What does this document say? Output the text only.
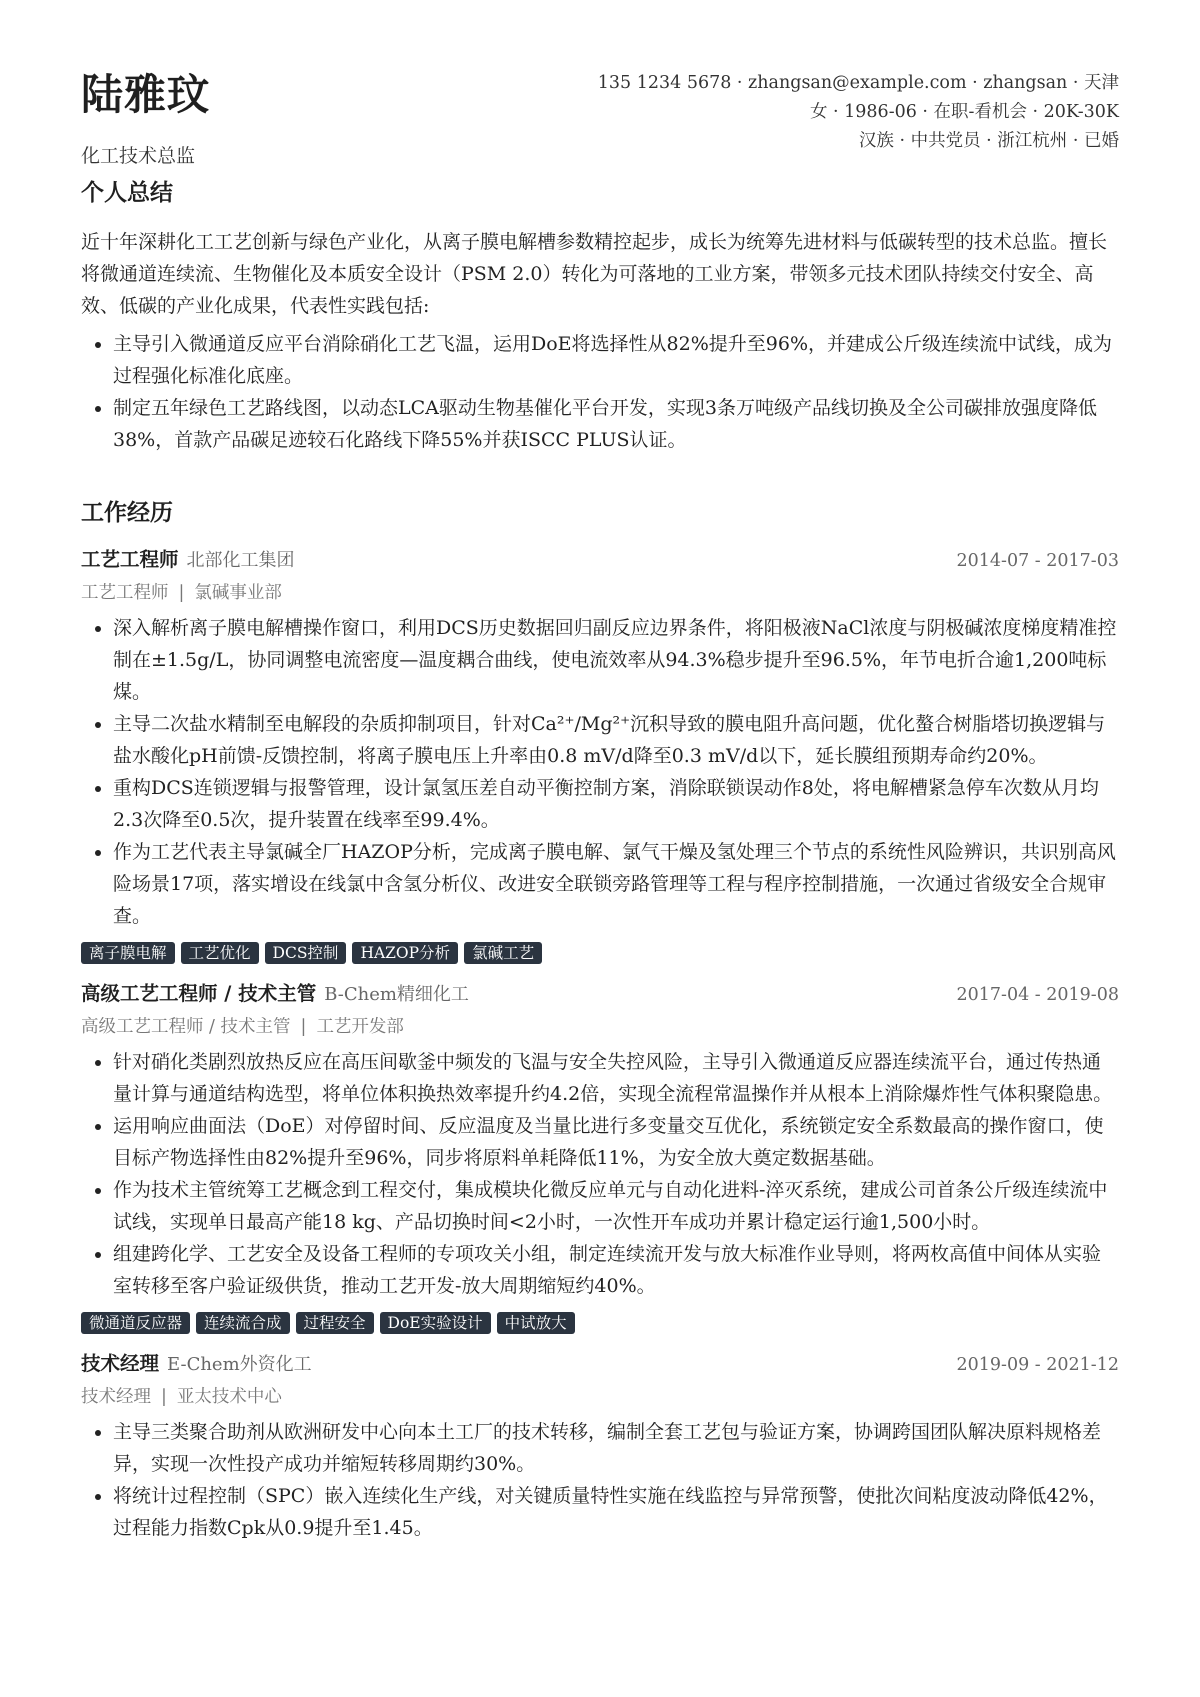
陆雅玟
化工技术总监
135 1234 5678 · zhangsan@example.com · zhangsan · 天津
女 · 1986-06 · 在职-看机会 · 20K-30K
汉族 · 中共党员 · 浙江杭州 · 已婚
个人总结

近十年深耕化工工艺创新与绿色产业化，从离子膜电解槽参数精控起步，成长为统筹先进材料与低碳转型的技术总监。擅长将微通道连续流、生物催化及本质安全设计（PSM 2.0）转化为可落地的工业方案，带领多元技术团队持续交付安全、高效、低碳的产业化成果，代表性实践包括:

• 主导引入微通道反应平台消除硝化工艺飞温，运用DoE将选择性从82%提升至96%，并建成公斤级连续流中试线，成为过程强化标准化底座。
• 制定五年绿色工艺路线图，以动态LCA驱动生物基催化平台开发，实现3条万吨级产品线切换及全公司碳排放强度降低38%，首款产品碳足迹较石化路线下降55%并获ISCC PLUS认证。
工作经历
工艺工程师 北部化工集团	2014-07 - 2017-03
工艺工程师 | 氯碱事业部
• 深入解析离子膜电解槽操作窗口，利用DCS历史数据回归副反应边界条件，将阳极液NaCl浓度与阴极碱浓度梯度精准控制在±1.5g/L，协同调整电流密度—温度耦合曲线，使电流效率从94.3%稳步提升至96.5%，年节电折合逾1,200吨标煤。
• 主导二次盐水精制至电解段的杂质抑制项目，针对Ca²⁺/Mg²⁺沉积导致的膜电阻升高问题，优化螯合树脂塔切换逻辑与盐水酸化pH前馈-反馈控制，将离子膜电压上升率由0.8 mV/d降至0.3 mV/d以下，延长膜组预期寿命约20%。
• 重构DCS连锁逻辑与报警管理，设计氯氢压差自动平衡控制方案，消除联锁误动作8处，将电解槽紧急停车次数从月均2.3次降至0.5次，提升装置在线率至99.4%。
• 作为工艺代表主导氯碱全厂HAZOP分析，完成离子膜电解、氯气干燥及氢处理三个节点的系统性风险辨识，共识别高风险场景17项，落实增设在线氯中含氢分析仪、改进安全联锁旁路管理等工程与程序控制措施，一次通过省级安全合规审查。
离子膜电解	工艺优化	DCS控制	HAZOP分析	氯碱工艺
高级工艺工程师 / 技术主管 B-Chem精细化工	2017-04 - 2019-08
高级工艺工程师 / 技术主管 | 工艺开发部
• 针对硝化类剧烈放热反应在高压间歇釜中频发的飞温与安全失控风险，主导引入微通道反应器连续流平台，通过传热通量计算与通道结构选型，将单位体积换热效率提升约4.2倍，实现全流程常温操作并从根本上消除爆炸性气体积聚隐患。
• 运用响应曲面法（DoE）对停留时间、反应温度及当量比进行多变量交互优化，系统锁定安全系数最高的操作窗口，使目标产物选择性由82%提升至96%，同步将原料单耗降低11%，为安全放大奠定数据基础。
• 作为技术主管统筹工艺概念到工程交付，集成模块化微反应单元与自动化进料-淬灭系统，建成公司首条公斤级连续流中试线，实现单日最高产能18 kg、产品切换时间<2小时，一次性开车成功并累计稳定运行逾1,500小时。
• 组建跨化学、工艺安全及设备工程师的专项攻关小组，制定连续流开发与放大标准作业导则，将两枚高值中间体从实验室转移至客户验证级供货，推动工艺开发-放大周期缩短约40%。
微通道反应器	连续流合成	过程安全	DoE实验设计	中试放大
技术经理 E-Chem外资化工	2019-09 - 2021-12
技术经理 | 亚太技术中心
• 主导三类聚合助剂从欧洲研发中心向本土工厂的技术转移，编制全套工艺包与验证方案，协调跨国团队解决原料规格差异，实现一次性投产成功并缩短转移周期约30%。
• 将统计过程控制（SPC）嵌入连续化生产线，对关键质量特性实施在线监控与异常预警，使批次间粘度波动降低42%，过程能力指数Cpk从0.9提升至1.45。
